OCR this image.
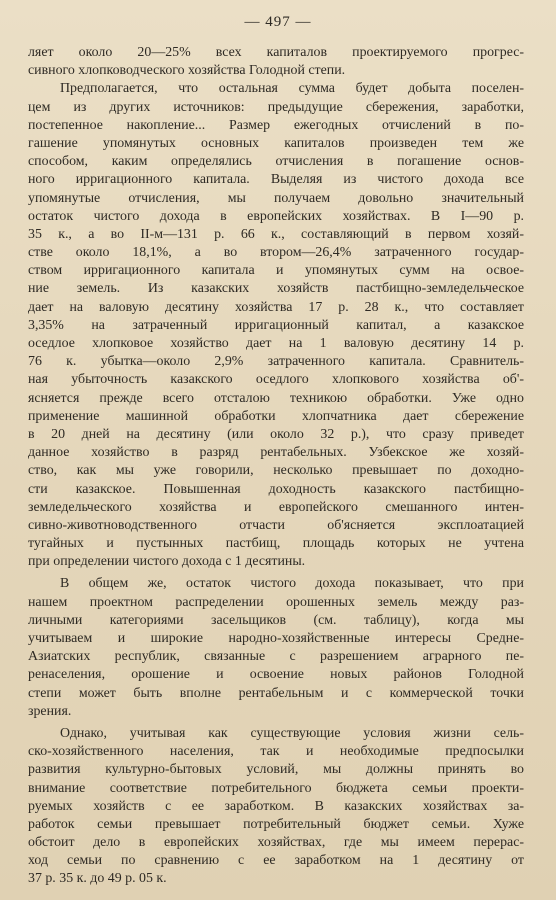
— 497 —
ляет около 20—25% всех капиталов проектируемого прогрес-
сивного хлопководческого хозяйства Голодной степи.
Предполагается, что остальная сумма будет добыта поселен-
цем из других источников: предыдущие сбережения, заработки,
постепенное накопление... Размер ежегодных отчислений в по-
гашение упомянутых основных капиталов произведен тем же
способом, каким определялись отчисления в погашение основ-
ного ирригационного капитала. Выделяя из чистого дохода все
упомянутые отчисления, мы получаем довольно значительный
остаток чистого дохода в европейских хозяйствах. В I—90 р.
35 к., а во II-м—131 р. 66 к., составляющий в первом хозяй-
стве около 18,1%, а во втором—26,4% затраченного государ-
ством ирригационного капитала и упомянутых сумм на освое-
ние земель. Из казакских хозяйств пастбищно-земледельческое
дает на валовую десятину хозяйства 17 р. 28 к., что составляет
3,35% на затраченный ирригационный капитал, а казакское
оседлое хлопковое хозяйство дает на 1 валовую десятину 14 р.
76 к. убытка—около 2,9% затраченного капитала. Сравнитель-
ная убыточность казакского оседлого хлопкового хозяйства об'-
ясняется прежде всего отсталою техникою обработки. Уже одно
применение машинной обработки хлопчатника дает сбережение
в 20 дней на десятину (или около 32 р.), что сразу приведет
данное хозяйство в разряд рентабельных. Узбекское же хозяй-
ство, как мы уже говорили, несколько превышает по доходно-
сти казакское. Повышенная доходность казакского пастбищно-
земледельческого хозяйства и европейского смешанного интен-
сивно-животноводственного отчасти об'ясняется эксплоатацией
тугайных и пустынных пастбищ, площадь которых не учтена
при определении чистого дохода с 1 десятины.
В общем же, остаток чистого дохода показывает, что при
нашем проектном распределении орошенных земель между раз-
личными категориями засельщиков (см. таблицу), когда мы
учитываем и широкие народно-хозяйственные интересы Средне-
Азиатских республик, связанные с разрешением аграрного пе-
ренаселения, орошение и освоение новых районов Голодной
степи может быть вполне рентабельным и с коммерческой точки
зрения.
Однако, учитывая как существующие условия жизни сель-
ско-хозяйственного населения, так и необходимые предпосылки
развития культурно-бытовых условий, мы должны принять во
внимание соответствие потребительного бюджета семьи проекти-
руемых хозяйств с ее заработком. В казакских хозяйствах за-
работок семьи превышает потребительный бюджет семьи. Хуже
обстоит дело в европейских хозяйствах, где мы имеем перерас-
ход семьи по сравнению с ее заработком на 1 десятину от
37 р. 35 к. до 49 р. 05 к.
